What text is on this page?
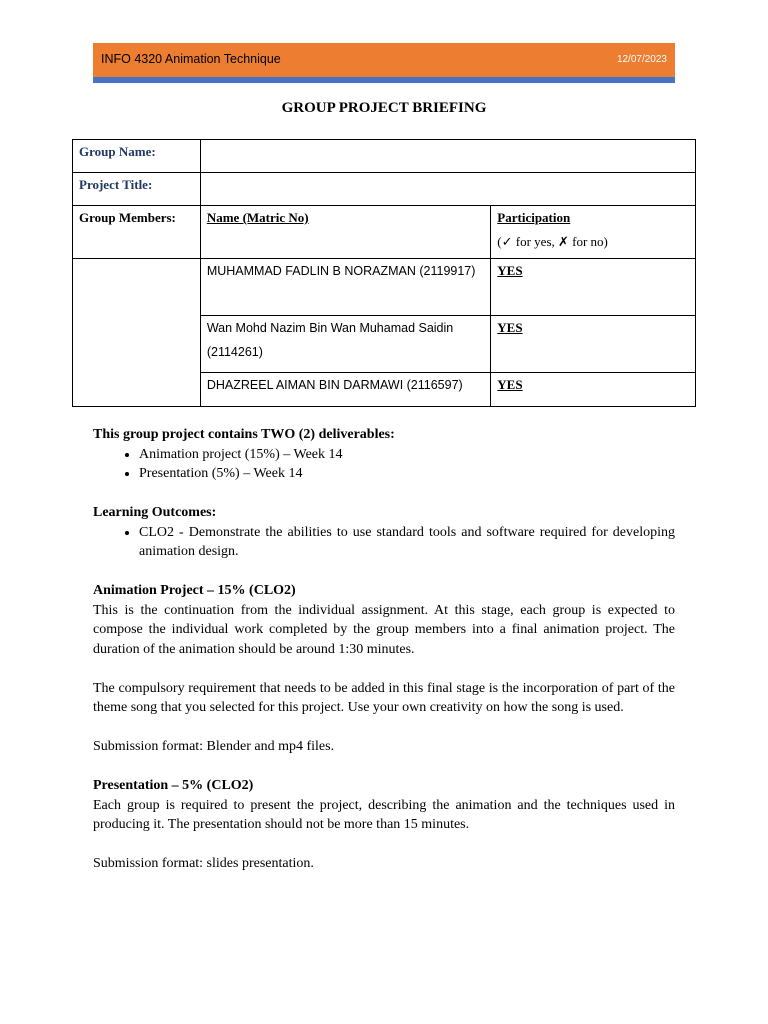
INFO 4320 Animation Technique	12/07/2023
GROUP PROJECT BRIEFING
Group Name:		
Project Title:		
Group Members:	Name (Matric No)	Participation
(✓ for yes, ✗ for no)

	MUHAMMAD FADLIN B NORAZMAN (2119917)	YES

	Wan Mohd Nazim Bin Wan Muhamad Saidin (2114261)	YES

	DHAZREEL AIMAN BIN DARMAWI (2116597)	YES

This group project contains TWO (2) deliverables:

• Animation project (15%) – Week 14
• Presentation (5%) – Week 14

Learning Outcomes:

• CLO2 - Demonstrate the abilities to use standard tools and software required for developing animation design.

Animation Project – 15% (CLO2)

This is the continuation from the individual assignment. At this stage, each group is expected to compose the individual work completed by the group members into a final animation project. The duration of the animation should be around 1:30 minutes.

The compulsory requirement that needs to be added in this final stage is the incorporation of part of the theme song that you selected for this project. Use your own creativity on how the song is used.

Submission format: Blender and mp4 files.

Presentation – 5% (CLO2)

Each group is required to present the project, describing the animation and the techniques used in producing it. The presentation should not be more than 15 minutes.

Submission format: slides presentation.
